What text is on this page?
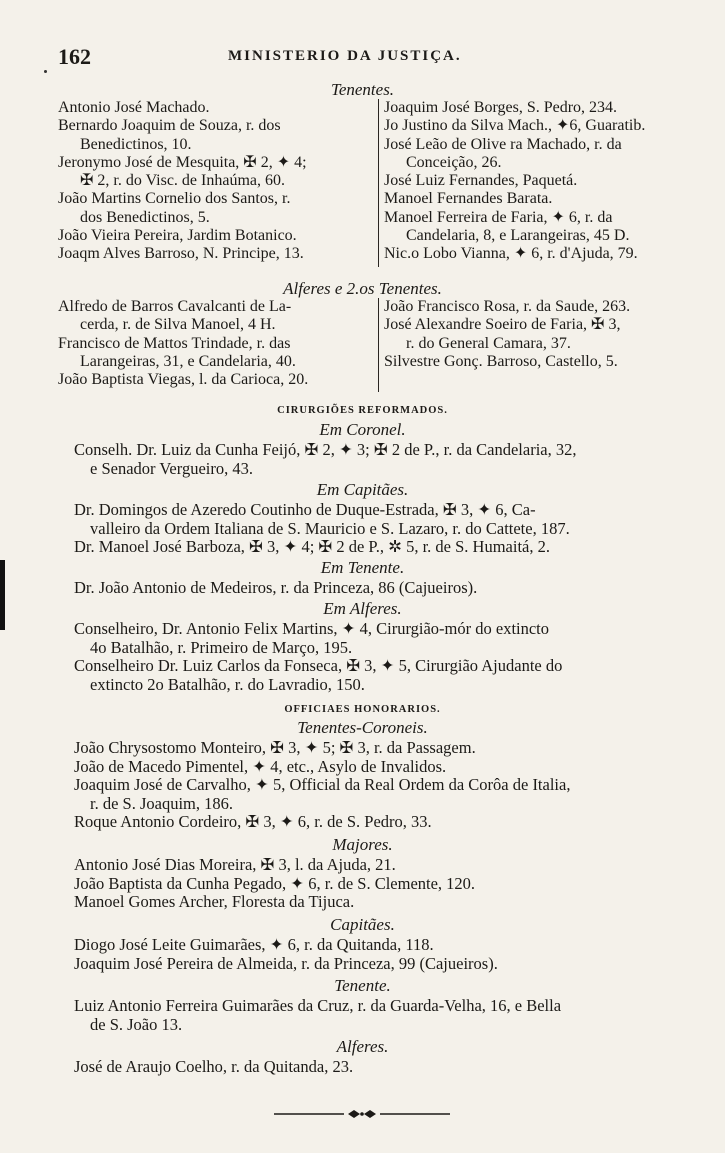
162	MINISTERIO DA JUSTIÇA.
Tenentes.
Antonio José Machado.
Bernardo Joaquim de Souza, r. dos
Benedictinos, 10.
Jeronymo José de Mesquita, ✠ 2, ✦ 4;
✠ 2, r. do Visc. de Inhaúma, 60.
João Martins Cornelio dos Santos, r.
dos Benedictinos, 5.
João Vieira Pereira, Jardim Botanico.
Joaqm Alves Barroso, N. Principe, 13.
Joaquim José Borges, S. Pedro, 234.
Jo Justino da Silva Mach., ✦6, Guaratib.
José Leão de Olive ra Machado, r. da
Conceição, 26.
José Luiz Fernandes, Paquetá.
Manoel Fernandes Barata.
Manoel Ferreira de Faria, ✦ 6, r. da
Candelaria, 8, e Larangeiras, 45 D.
Nic.o Lobo Vianna, ✦ 6, r. d'Ajuda, 79.
Alferes e 2.os Tenentes.
Alfredo de Barros Cavalcanti de La-
cerda, r. de Silva Manoel, 4 H.
Francisco de Mattos Trindade, r. das
Larangeiras, 31, e Candelaria, 40.
João Baptista Viegas, l. da Carioca, 20.
João Francisco Rosa, r. da Saude, 263.
José Alexandre Soeiro de Faria, ✠ 3,
r. do General Camara, 37.
Silvestre Gonç. Barroso, Castello, 5.
CIRURGIÕES REFORMADOS.
Em Coronel.
Conselh. Dr. Luiz da Cunha Feijó, ✠ 2, ✦ 3; ✠ 2 de P., r. da Candelaria, 32,
e Senador Vergueiro, 43.
Em Capitães.
Dr. Domingos de Azeredo Coutinho de Duque-Estrada, ✠ 3, ✦ 6, Ca-
valleiro da Ordem Italiana de S. Mauricio e S. Lazaro, r. do Cattete, 187.
Dr. Manoel José Barboza, ✠ 3, ✦ 4; ✠ 2 de P., ✲ 5, r. de S. Humaitá, 2.
Em Tenente.
Dr. João Antonio de Medeiros, r. da Princeza, 86 (Cajueiros).
Em Alferes.
Conselheiro, Dr. Antonio Felix Martins, ✦ 4, Cirurgião-mór do extincto
4o Batalhão, r. Primeiro de Março, 195.
Conselheiro Dr. Luiz Carlos da Fonseca, ✠ 3, ✦ 5, Cirurgião Ajudante do
extincto 2o Batalhão, r. do Lavradio, 150.
OFFICIAES HONORARIOS.
Tenentes-Coroneis.
João Chrysostomo Monteiro, ✠ 3, ✦ 5; ✠ 3, r. da Passagem.
João de Macedo Pimentel, ✦ 4, etc., Asylo de Invalidos.
Joaquim José de Carvalho, ✦ 5, Official da Real Ordem da Corôa de Italia,
r. de S. Joaquim, 186.
Roque Antonio Cordeiro, ✠ 3, ✦ 6, r. de S. Pedro, 33.
Majores.
Antonio José Dias Moreira, ✠ 3, l. da Ajuda, 21.
João Baptista da Cunha Pegado, ✦ 6, r. de S. Clemente, 120.
Manoel Gomes Archer, Floresta da Tijuca.
Capitães.
Diogo José Leite Guimarães, ✦ 6, r. da Quitanda, 118.
Joaquim José Pereira de Almeida, r. da Princeza, 99 (Cajueiros).
Tenente.
Luiz Antonio Ferreira Guimarães da Cruz, r. da Guarda-Velha, 16, e Bella
de S. João 13.
Alferes.
José de Araujo Coelho, r. da Quitanda, 23.
